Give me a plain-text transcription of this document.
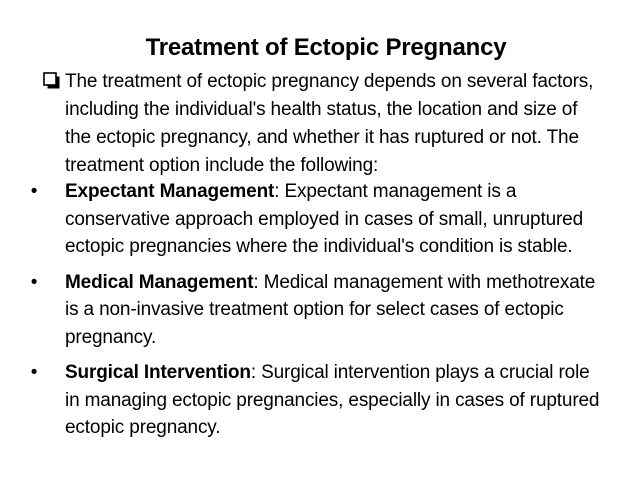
Treatment of Ectopic Pregnancy
The treatment of ectopic pregnancy depends on several factors, including the individual's health status, the location and size of the ectopic pregnancy, and whether it has ruptured or not. The treatment option include the following:
• Expectant Management: Expectant management is a conservative approach employed in cases of small, unruptured ectopic pregnancies where the individual's condition is stable.
• Medical Management: Medical management with methotrexate is a non-invasive treatment option for select cases of ectopic pregnancy.
• Surgical Intervention: Surgical intervention plays a crucial role in managing ectopic pregnancies, especially in cases of ruptured ectopic pregnancy.
